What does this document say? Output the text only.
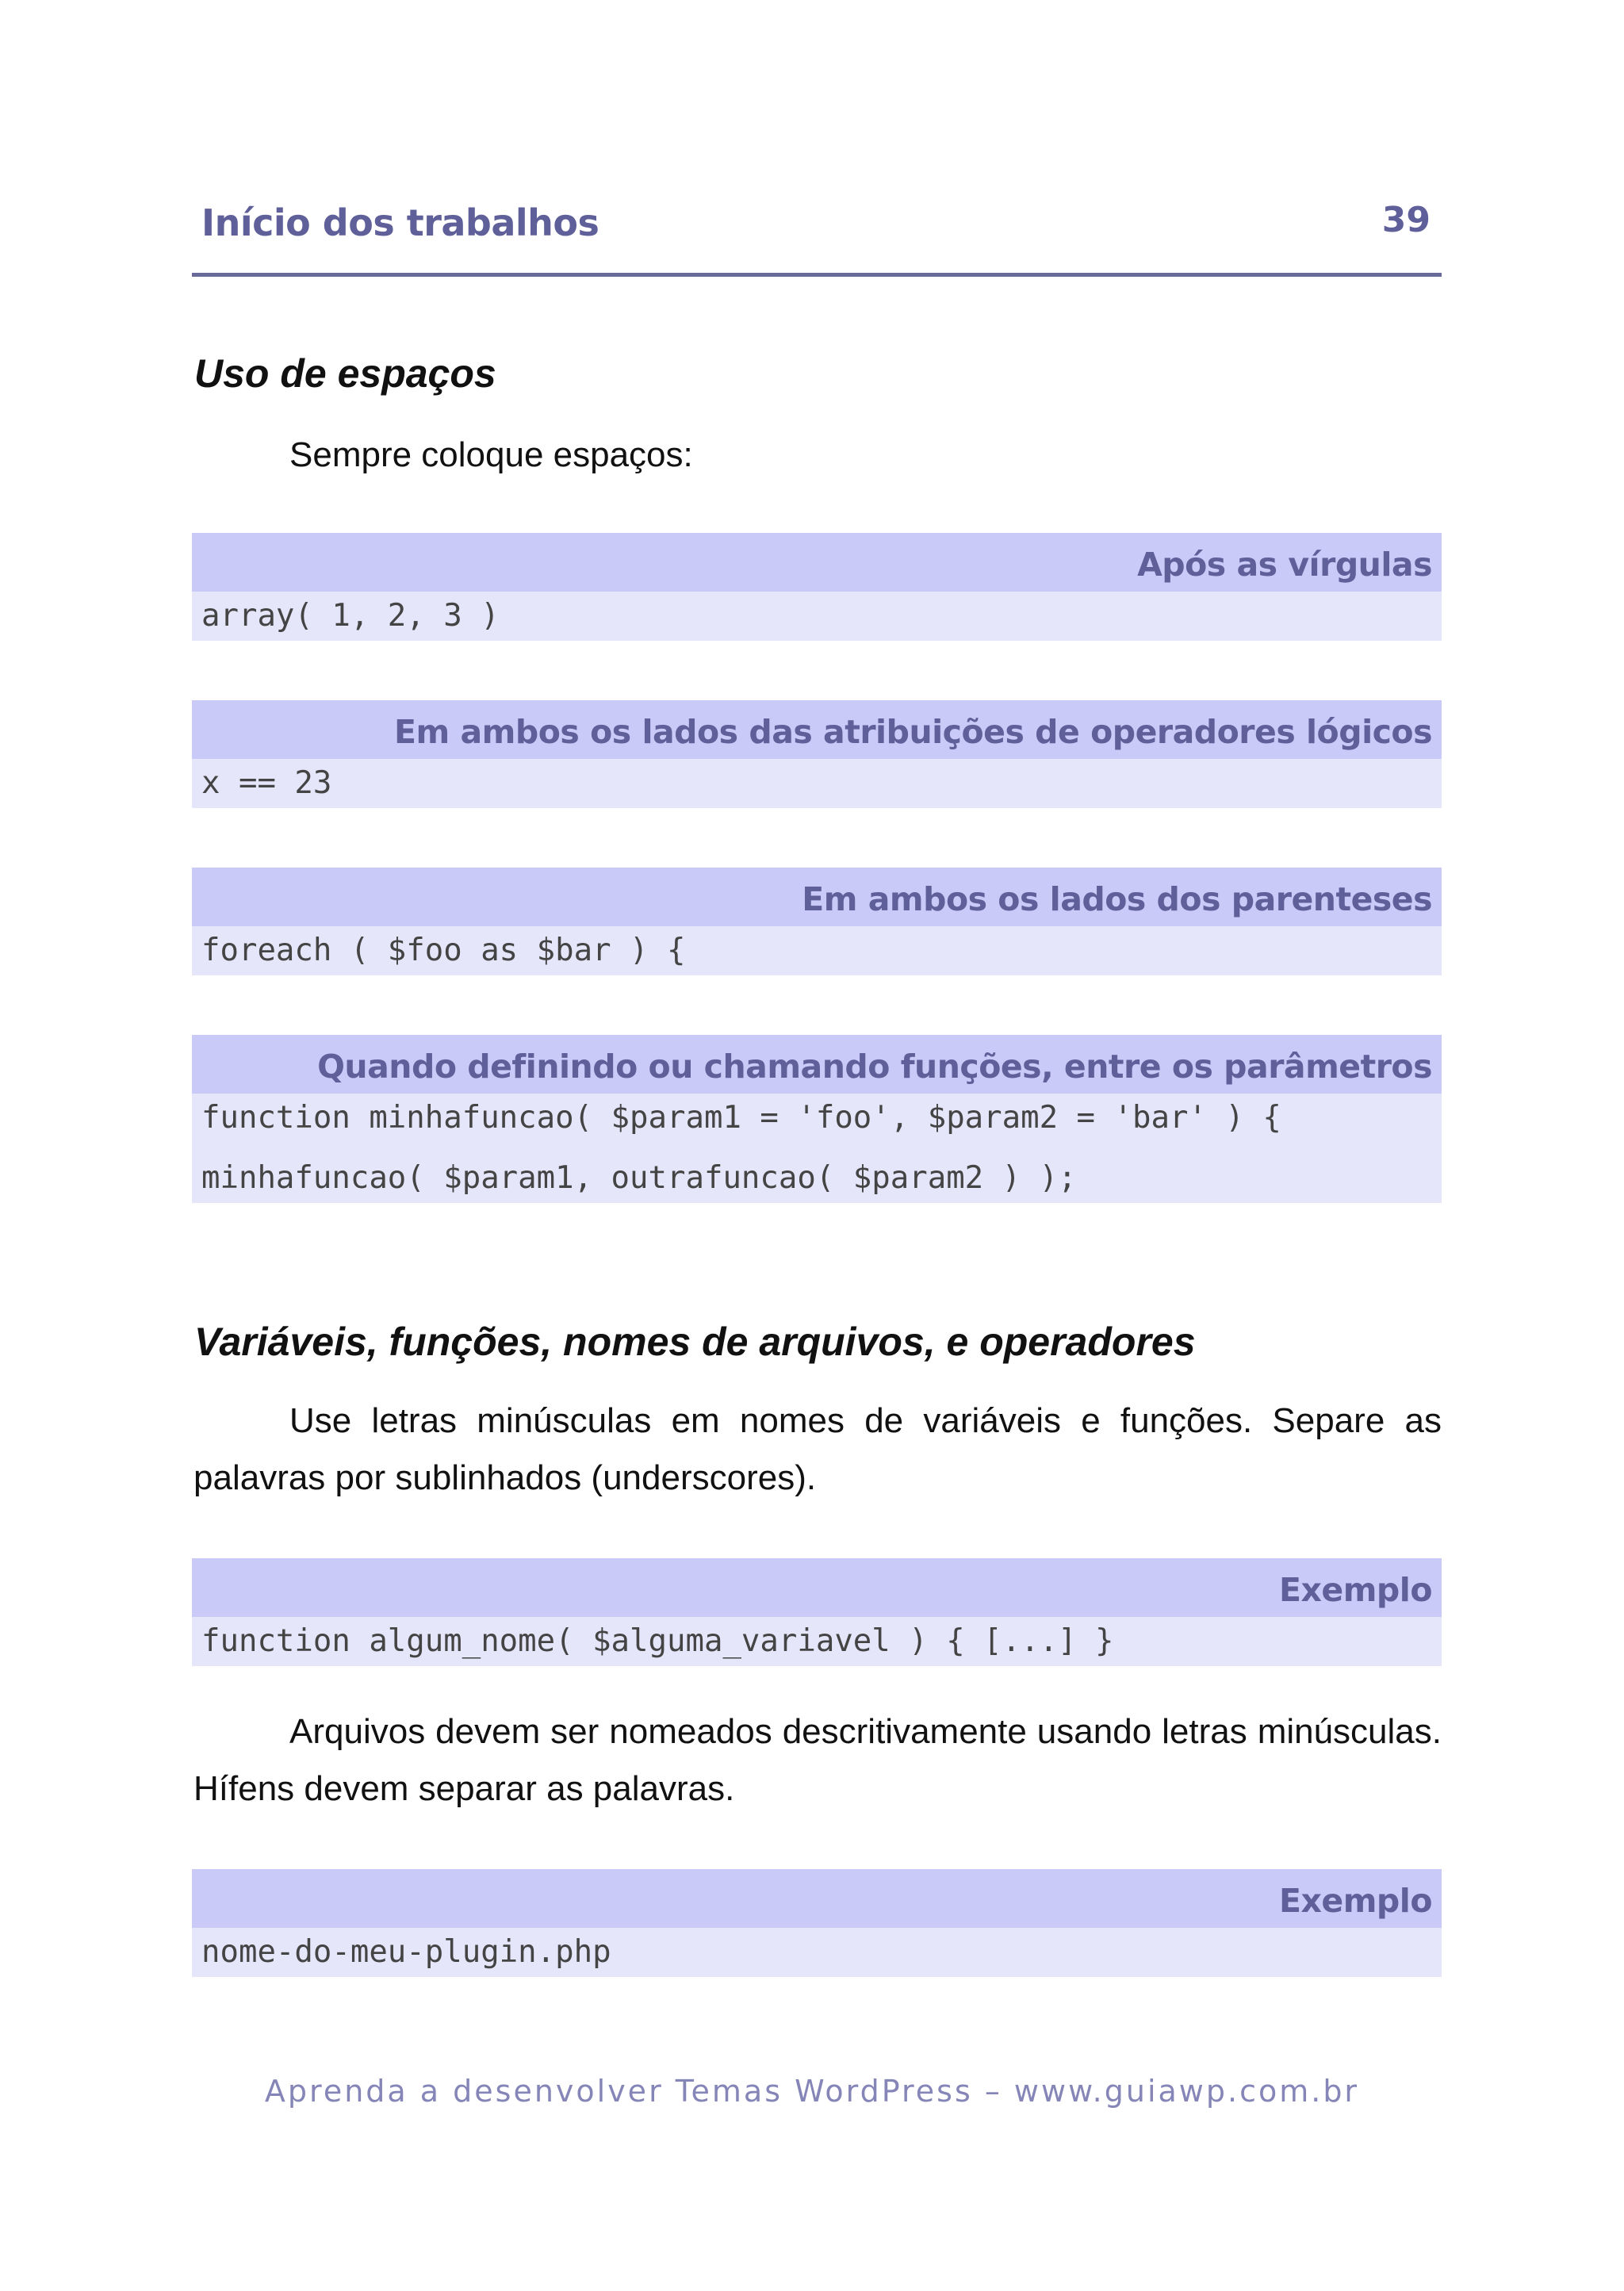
Início dos trabalhos	39
Uso de espaços

Sempre coloque espaços:

Após as vírgulas
array( 1, 2, 3 )
Em ambos os lados das atribuições de operadores lógicos
x == 23
Em ambos os lados dos parenteses
foreach ( $foo as $bar ) {
Quando definindo ou chamando funções, entre os parâmetros
function minhafuncao( $param1 = 'foo', $param2 = 'bar' ) {
minhafuncao( $param1, outrafuncao( $param2 ) );
Variáveis, funções, nomes de arquivos, e operadores

Use letras minúsculas em nomes de variáveis e funções. Separe as palavras por sublinhados (underscores).

Exemplo
function algum_nome( $alguma_variavel ) { [...] }

Arquivos devem ser nomeados descritivamente usando letras minúsculas. Hífens devem separar as palavras.

Exemplo
nome-do-meu-plugin.php
Aprenda a desenvolver Temas WordPress – www.guiawp.com.br
